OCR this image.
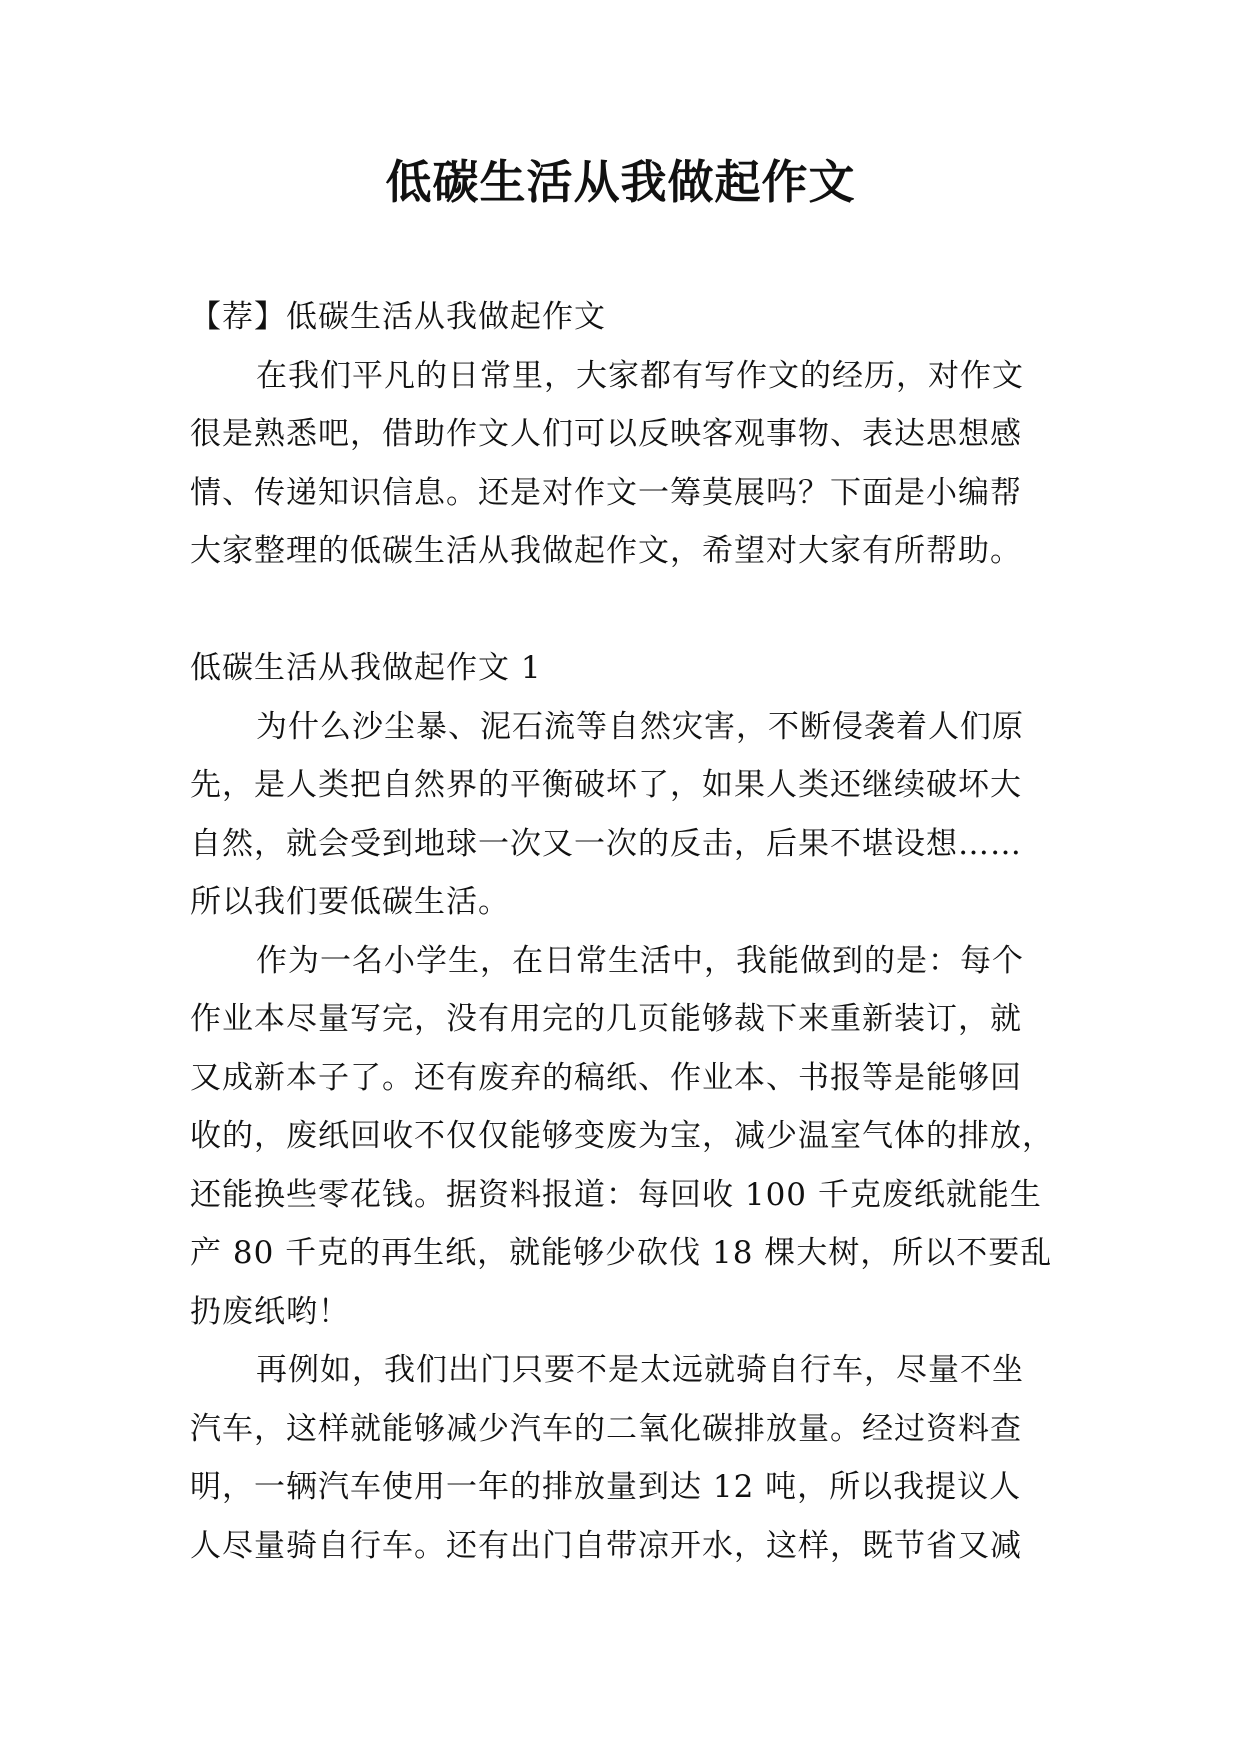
低碳生活从我做起作文
【荐】低碳生活从我做起作文
在我们平凡的日常里，大家都有写作文的经历，对作文
很是熟悉吧，借助作文人们可以反映客观事物、表达思想感
情、传递知识信息。还是对作文一筹莫展吗？下面是小编帮
大家整理的低碳生活从我做起作文，希望对大家有所帮助。
低碳生活从我做起作文 1
为什么沙尘暴、泥石流等自然灾害，不断侵袭着人们原
先，是人类把自然界的平衡破坏了，如果人类还继续破坏大
自然，就会受到地球一次又一次的反击，后果不堪设想……
所以我们要低碳生活。
作为一名小学生，在日常生活中，我能做到的是：每个
作业本尽量写完，没有用完的几页能够裁下来重新装订，就
又成新本子了。还有废弃的稿纸、作业本、书报等是能够回
收的，废纸回收不仅仅能够变废为宝，减少温室气体的排放，
还能换些零花钱。据资料报道：每回收 100 千克废纸就能生
产 80 千克的再生纸，就能够少砍伐 18 棵大树，所以不要乱
扔废纸哟！
再例如，我们出门只要不是太远就骑自行车，尽量不坐
汽车，这样就能够减少汽车的二氧化碳排放量。经过资料查
明，一辆汽车使用一年的排放量到达 12 吨，所以我提议人
人尽量骑自行车。还有出门自带凉开水，这样，既节省又减
